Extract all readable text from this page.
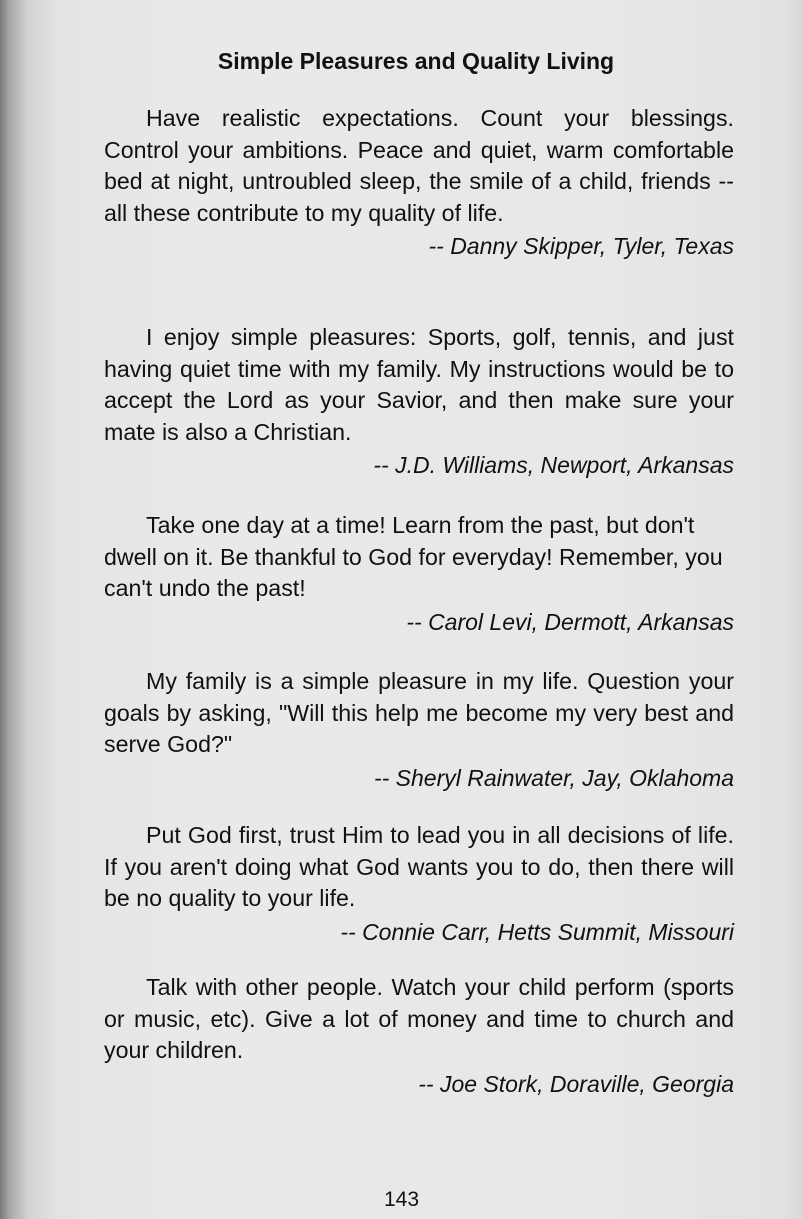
Simple Pleasures and Quality Living

Have realistic expectations. Count your blessings. Control your ambitions. Peace and quiet, warm comfortable bed at night, untroubled sleep, the smile of a child, friends -- all these contribute to my quality of life.

-- Danny Skipper, Tyler, Texas

I enjoy simple pleasures: Sports, golf, tennis, and just having quiet time with my family. My instructions would be to accept the Lord as your Savior, and then make sure your mate is also a Christian.

-- J.D. Williams, Newport, Arkansas

Take one day at a time! Learn from the past, but don't dwell on it. Be thankful to God for everyday! Remember, you can't undo the past!

-- Carol Levi, Dermott, Arkansas

My family is a simple pleasure in my life. Question your goals by asking, "Will this help me become my very best and serve God?"

-- Sheryl Rainwater, Jay, Oklahoma

Put God first, trust Him to lead you in all decisions of life. If you aren't doing what God wants you to do, then there will be no quality to your life.

-- Connie Carr, Hetts Summit, Missouri

Talk with other people. Watch your child perform (sports or music, etc). Give a lot of money and time to church and your children.

-- Joe Stork, Doraville, Georgia

143
